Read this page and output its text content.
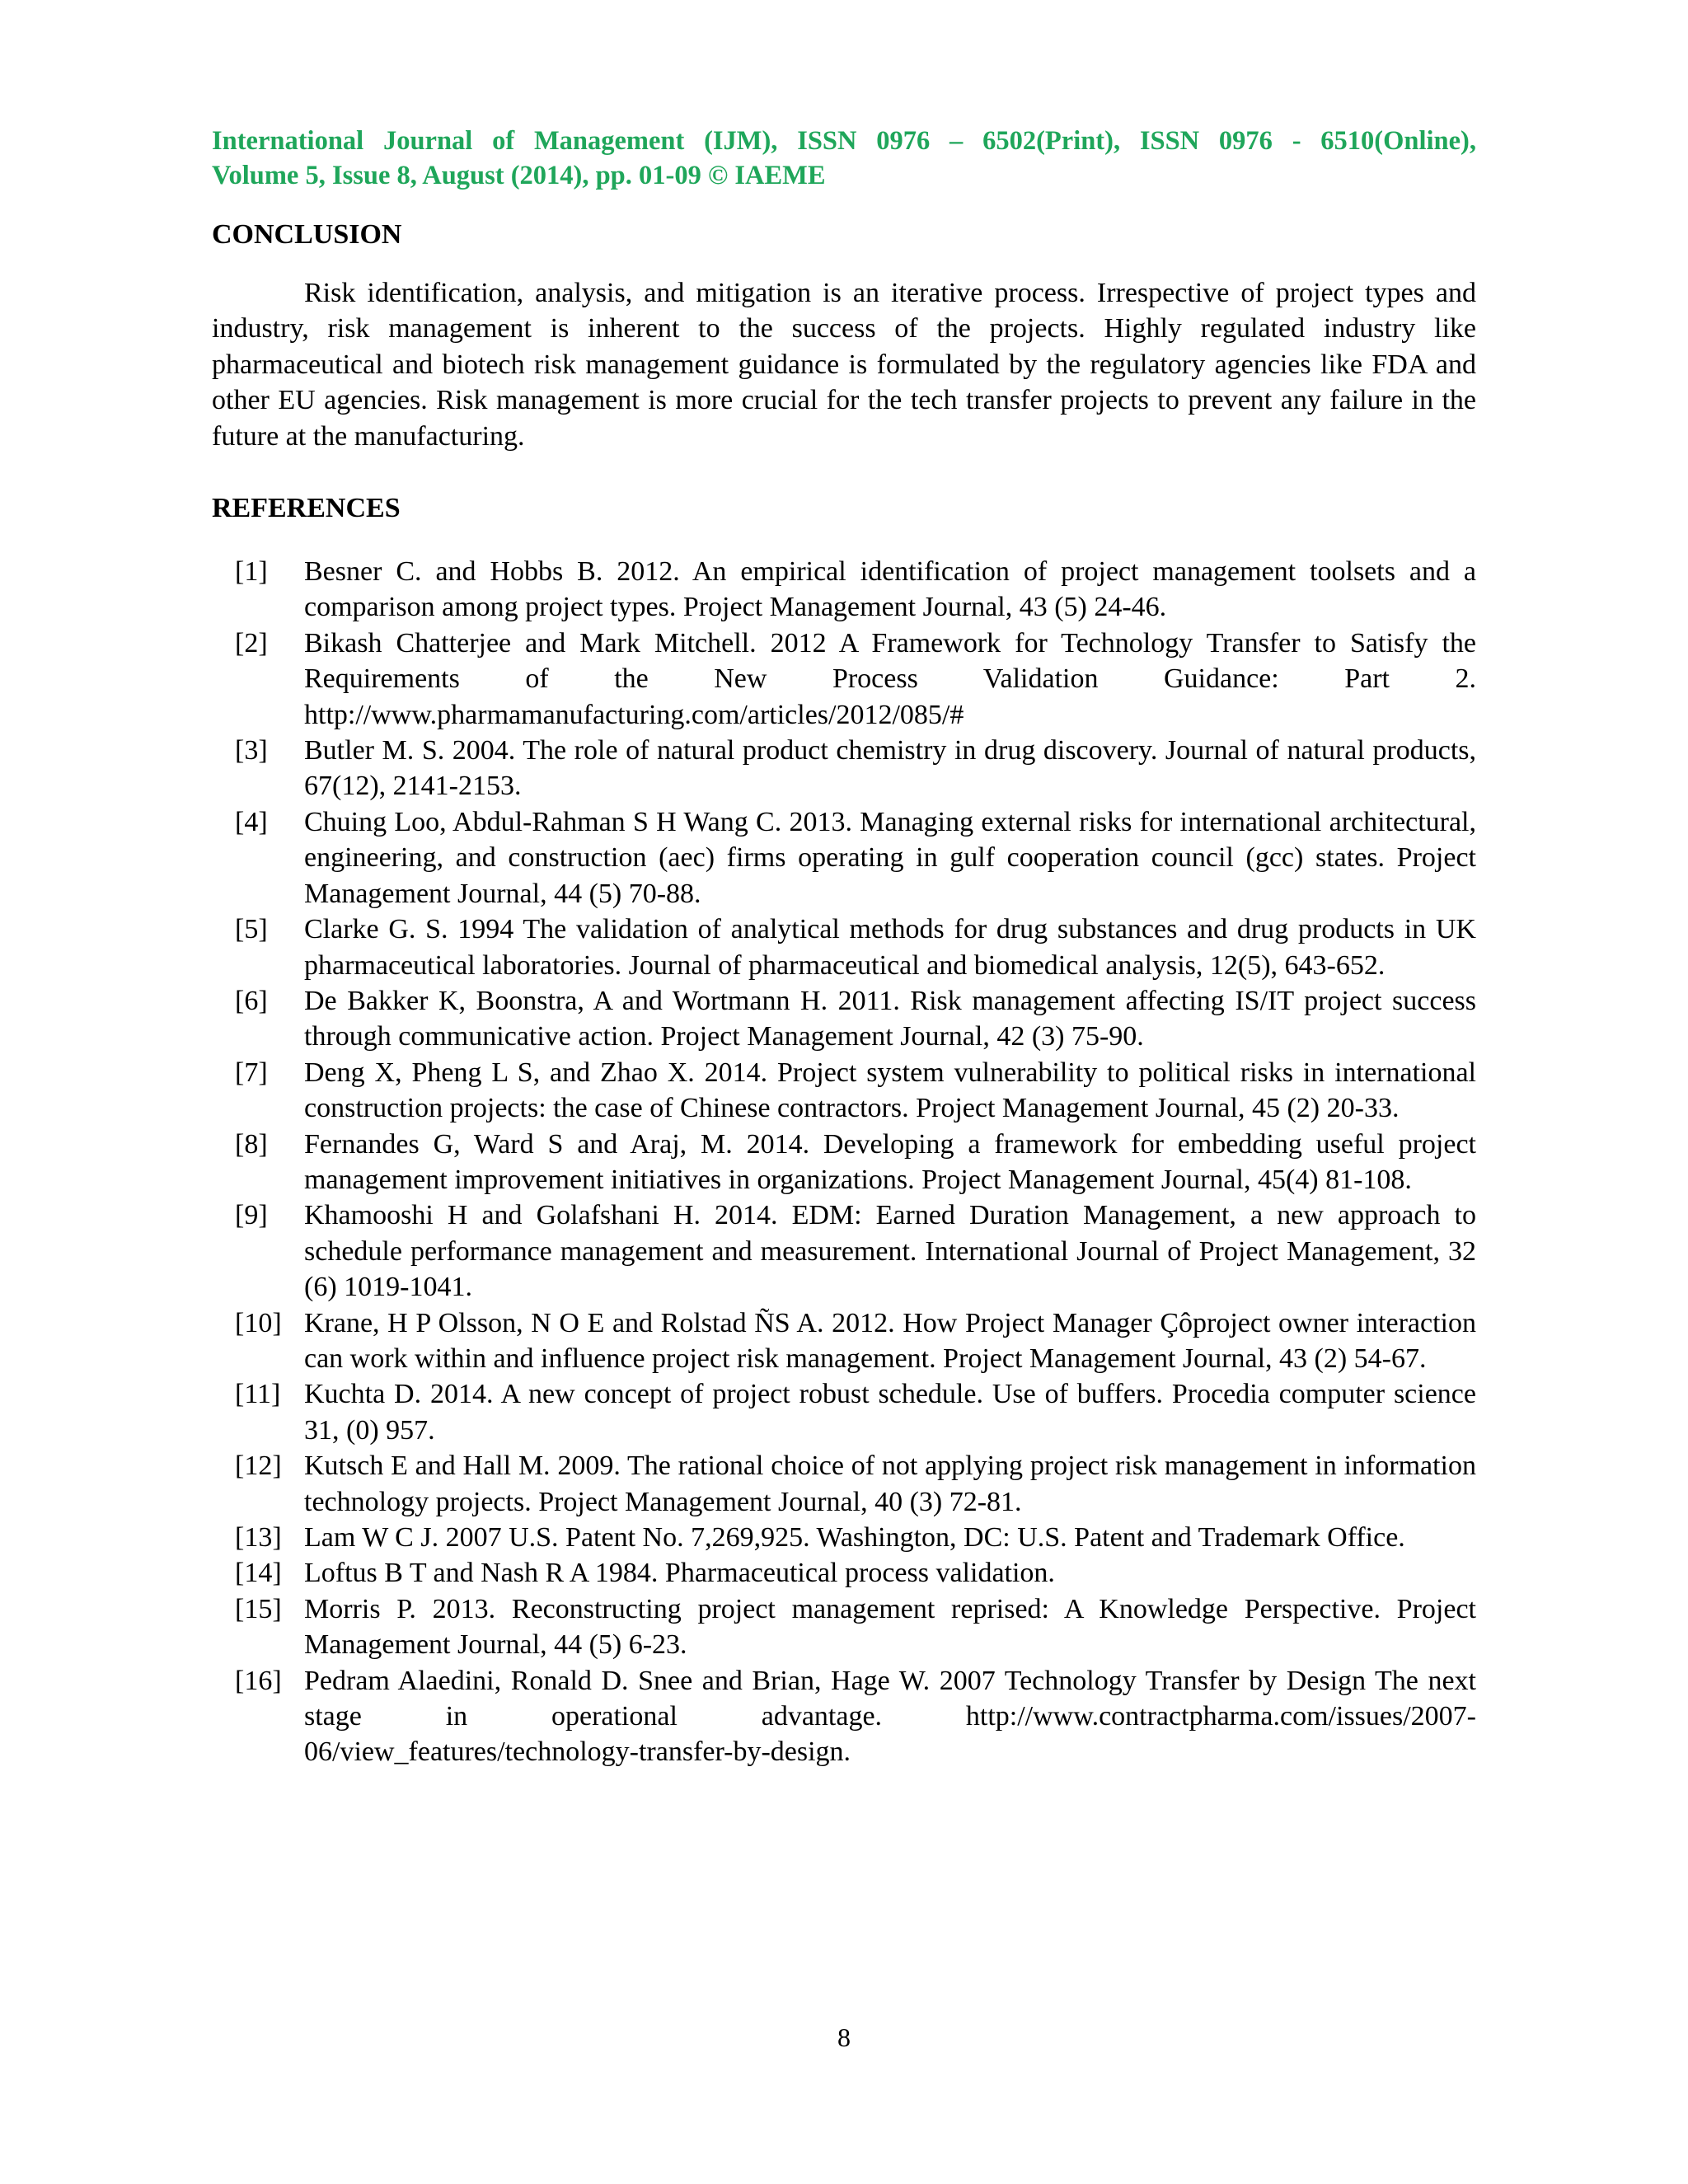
International Journal of Management (IJM), ISSN 0976 – 6502(Print), ISSN 0976 - 6510(Online),
Volume 5, Issue 8, August (2014), pp. 01-09 © IAEME
CONCLUSION

Risk identification, analysis, and mitigation is an iterative process. Irrespective of project types and industry, risk management is inherent to the success of the projects. Highly regulated industry like pharmaceutical and biotech risk management guidance is formulated by the regulatory agencies like FDA and other EU agencies. Risk management is more crucial for the tech transfer projects to prevent any failure in the future at the manufacturing.

REFERENCES
[1]	Besner C. and Hobbs B. 2012. An empirical identification of project management toolsets and a comparison among project types. Project Management Journal, 43 (5) 24-46.
[2]	Bikash Chatterjee and Mark Mitchell. 2012 A Framework for Technology Transfer to Satisfy the Requirements of the New Process Validation Guidance: Part 2. http://www.pharmamanufacturing.com/articles/2012/085/#
[3]	Butler M. S. 2004. The role of natural product chemistry in drug discovery. Journal of natural products, 67(12), 2141-2153.
[4]	Chuing Loo, Abdul-Rahman S H Wang C. 2013. Managing external risks for international architectural, engineering, and construction (aec) firms operating in gulf cooperation council (gcc) states. Project Management Journal, 44 (5) 70-88.
[5]	Clarke G. S. 1994 The validation of analytical methods for drug substances and drug products in UK pharmaceutical laboratories. Journal of pharmaceutical and biomedical analysis, 12(5), 643-652.
[6]	De Bakker K, Boonstra, A and Wortmann H. 2011. Risk management affecting IS/IT project success through communicative action. Project Management Journal, 42 (3) 75-90.
[7]	Deng X, Pheng L S, and Zhao X. 2014. Project system vulnerability to political risks in international construction projects: the case of Chinese contractors. Project Management Journal, 45 (2) 20-33.
[8]	Fernandes G, Ward S and Araj, M. 2014. Developing a framework for embedding useful project management improvement initiatives in organizations. Project Management Journal, 45(4) 81-108.
[9]	Khamooshi H and Golafshani H. 2014. EDM: Earned Duration Management, a new approach to schedule performance management and measurement. International Journal of Project Management, 32 (6) 1019-1041.
[10] Krane, H P Olsson, N O E and Rolstad ÑS A. 2012. How Project Manager Çôproject owner interaction can work within and influence project risk management. Project Management Journal, 43 (2) 54-67.
[11] Kuchta D. 2014. A new concept of project robust schedule. Use of buffers. Procedia computer science 31, (0) 957.
[12] Kutsch E and Hall M. 2009. The rational choice of not applying project risk management in information technology projects. Project Management Journal, 40 (3) 72-81.
[13] Lam W C J. 2007 U.S. Patent No. 7,269,925. Washington, DC: U.S. Patent and Trademark Office.
[14] Loftus B T and Nash R A 1984. Pharmaceutical process validation.
[15] Morris P. 2013. Reconstructing project management reprised: A Knowledge Perspective. Project Management Journal, 44 (5) 6-23.
[16] Pedram Alaedini, Ronald D. Snee and Brian, Hage W. 2007 Technology Transfer by Design The next stage in operational advantage. http://www.contractpharma.com/issues/2007-06/view_features/technology-transfer-by-design.
8
